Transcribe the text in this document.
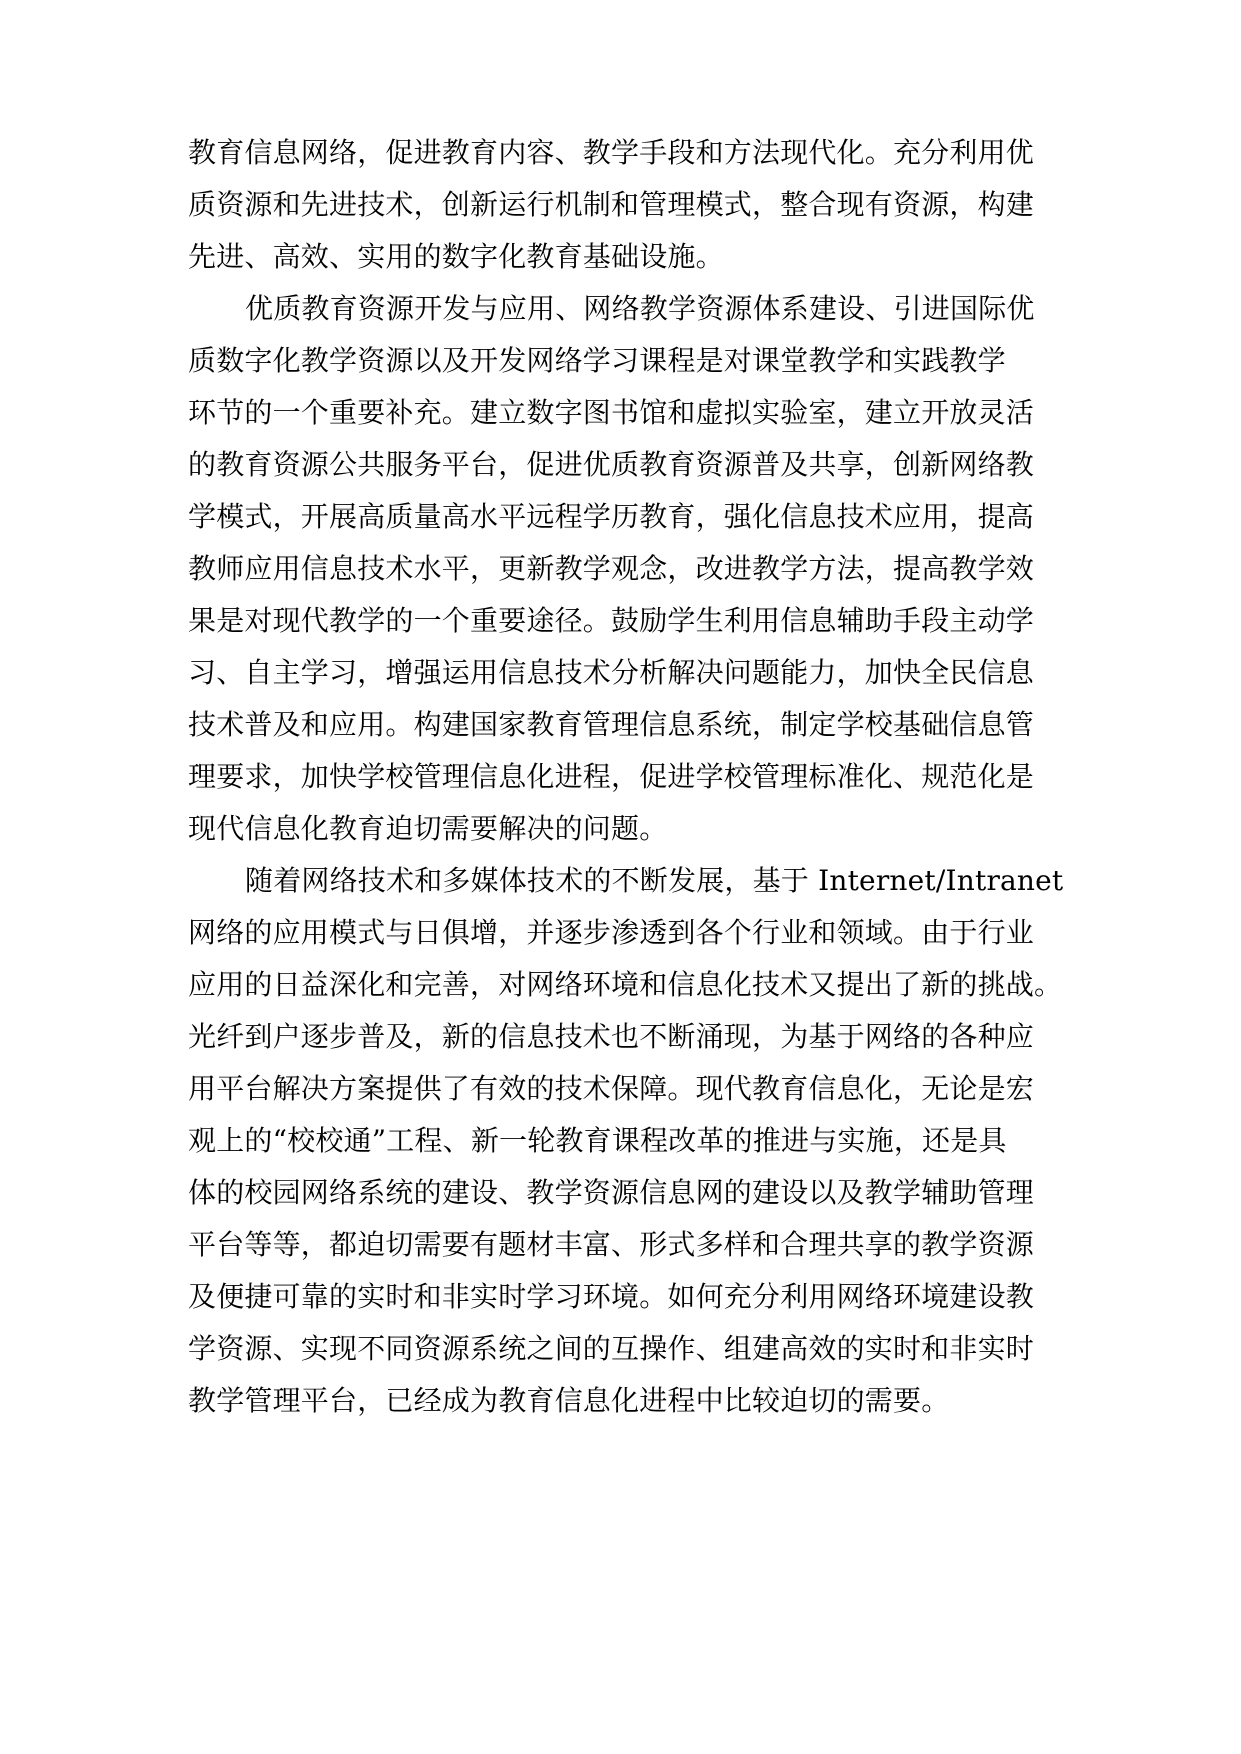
教育信息网络，促进教育内容、教学手段和方法现代化。充分利用优
质资源和先进技术，创新运行机制和管理模式，整合现有资源，构建
先进、高效、实用的数字化教育基础设施。
优质教育资源开发与应用、网络教学资源体系建设、引进国际优
质数字化教学资源以及开发网络学习课程是对课堂教学和实践教学
环节的一个重要补充。建立数字图书馆和虚拟实验室，建立开放灵活
的教育资源公共服务平台，促进优质教育资源普及共享，创新网络教
学模式，开展高质量高水平远程学历教育，强化信息技术应用，提高
教师应用信息技术水平，更新教学观念，改进教学方法，提高教学效
果是对现代教学的一个重要途径。鼓励学生利用信息辅助手段主动学
习、自主学习，增强运用信息技术分析解决问题能力，加快全民信息
技术普及和应用。构建国家教育管理信息系统，制定学校基础信息管
理要求，加快学校管理信息化进程，促进学校管理标准化、规范化是
现代信息化教育迫切需要解决的问题。
随着网络技术和多媒体技术的不断发展，基于 Internet/Intranet
网络的应用模式与日俱增，并逐步渗透到各个行业和领域。由于行业
应用的日益深化和完善，对网络环境和信息化技术又提出了新的挑战。
光纤到户逐步普及，新的信息技术也不断涌现，为基于网络的各种应
用平台解决方案提供了有效的技术保障。现代教育信息化，无论是宏
观上的“校校通”工程、新一轮教育课程改革的推进与实施，还是具
体的校园网络系统的建设、教学资源信息网的建设以及教学辅助管理
平台等等，都迫切需要有题材丰富、形式多样和合理共享的教学资源
及便捷可靠的实时和非实时学习环境。如何充分利用网络环境建设教
学资源、实现不同资源系统之间的互操作、组建高效的实时和非实时
教学管理平台，已经成为教育信息化进程中比较迫切的需要。
